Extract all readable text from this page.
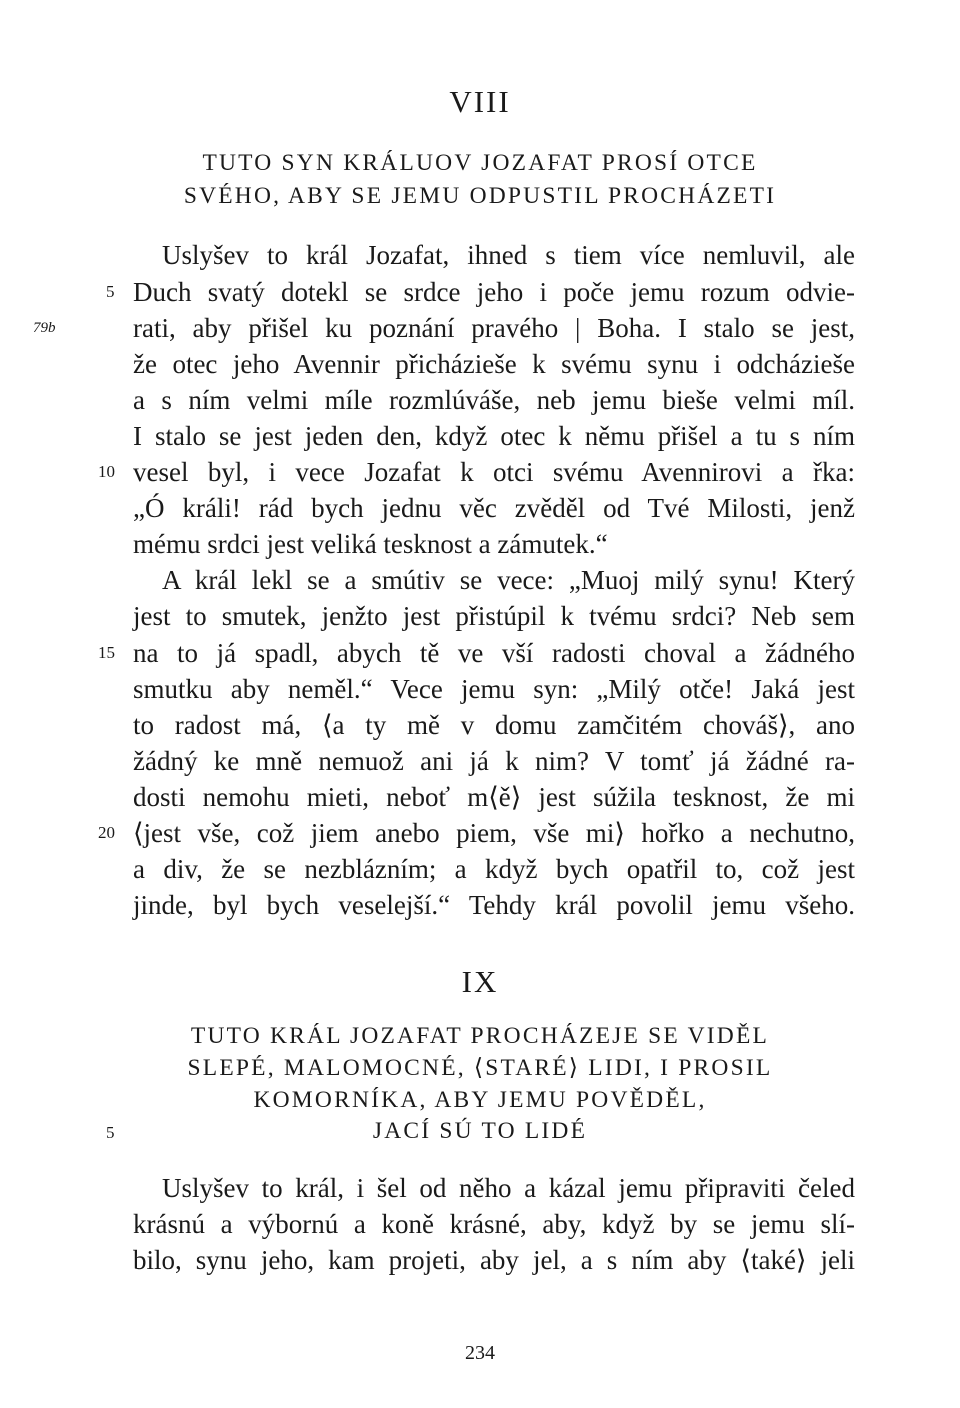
VIII
TUTO SYN KRÁLUOV JOZAFAT PROSÍ OTCE
SVÉHO, ABY SE JEMU ODPUSTIL PROCHÁZETI
Uslyšev to král Jozafat, ihned s tiem více nemluvil, ale
Duch svatý dotekl se srdce jeho i poče jemu rozum odvie-
rati, aby přišel ku poznání pravého | Boha. I stalo se jest,
že otec jeho Avennir přicházieše k svému synu i odcházieše
a s ním velmi míle rozmlúváše, neb jemu bieše velmi míl.
I stalo se jest jeden den, když otec k němu přišel a tu s ním
vesel byl, i vece Jozafat k otci svému Avennirovi a řka:
„Ó králi! rád bych jednu věc zvěděl od Tvé Milosti, jenž
mému srdci jest veliká tesknost a zámutek.“
A král lekl se a smútiv se vece: „Muoj milý synu! Který
jest to smutek, jenžto jest přistúpil k tvému srdci? Neb sem
na to já spadl, abych tě ve vší radosti choval a žádného
smutku aby neměl.“ Vece jemu syn: „Milý otče! Jaká jest
to radost má, ⟨a ty mě v domu zamčitém chováš⟩, ano
žádný ke mně nemuož ani já k nim? V tomť já žádné ra-
dosti nemohu mieti, neboť m⟨ě⟩ jest súžila tesknost, že mi
⟨jest vše, což jiem anebo piem, vše mi⟩ hořko a nechutno,
a div, že se nezblázním; a když bych opatřil to, což jest
jinde, byl bych veselejší.“ Tehdy král povolil jemu všeho.
5
79b
10
15
20
IX
TUTO KRÁL JOZAFAT PROCHÁZEJE SE VIDĚL
SLEPÉ, MALOMOCNÉ, ⟨STARÉ⟩ LIDI, I PROSIL
KOMORNÍKA, ABY JEMU POVĚDĚL,
JACÍ SÚ TO LIDÉ
5
Uslyšev to král, i šel od něho a kázal jemu připraviti čeled
krásnú a výbornú a koně krásné, aby, když by se jemu slí-
bilo, synu jeho, kam projeti, aby jel, a s ním aby ⟨také⟩ jeli
234
